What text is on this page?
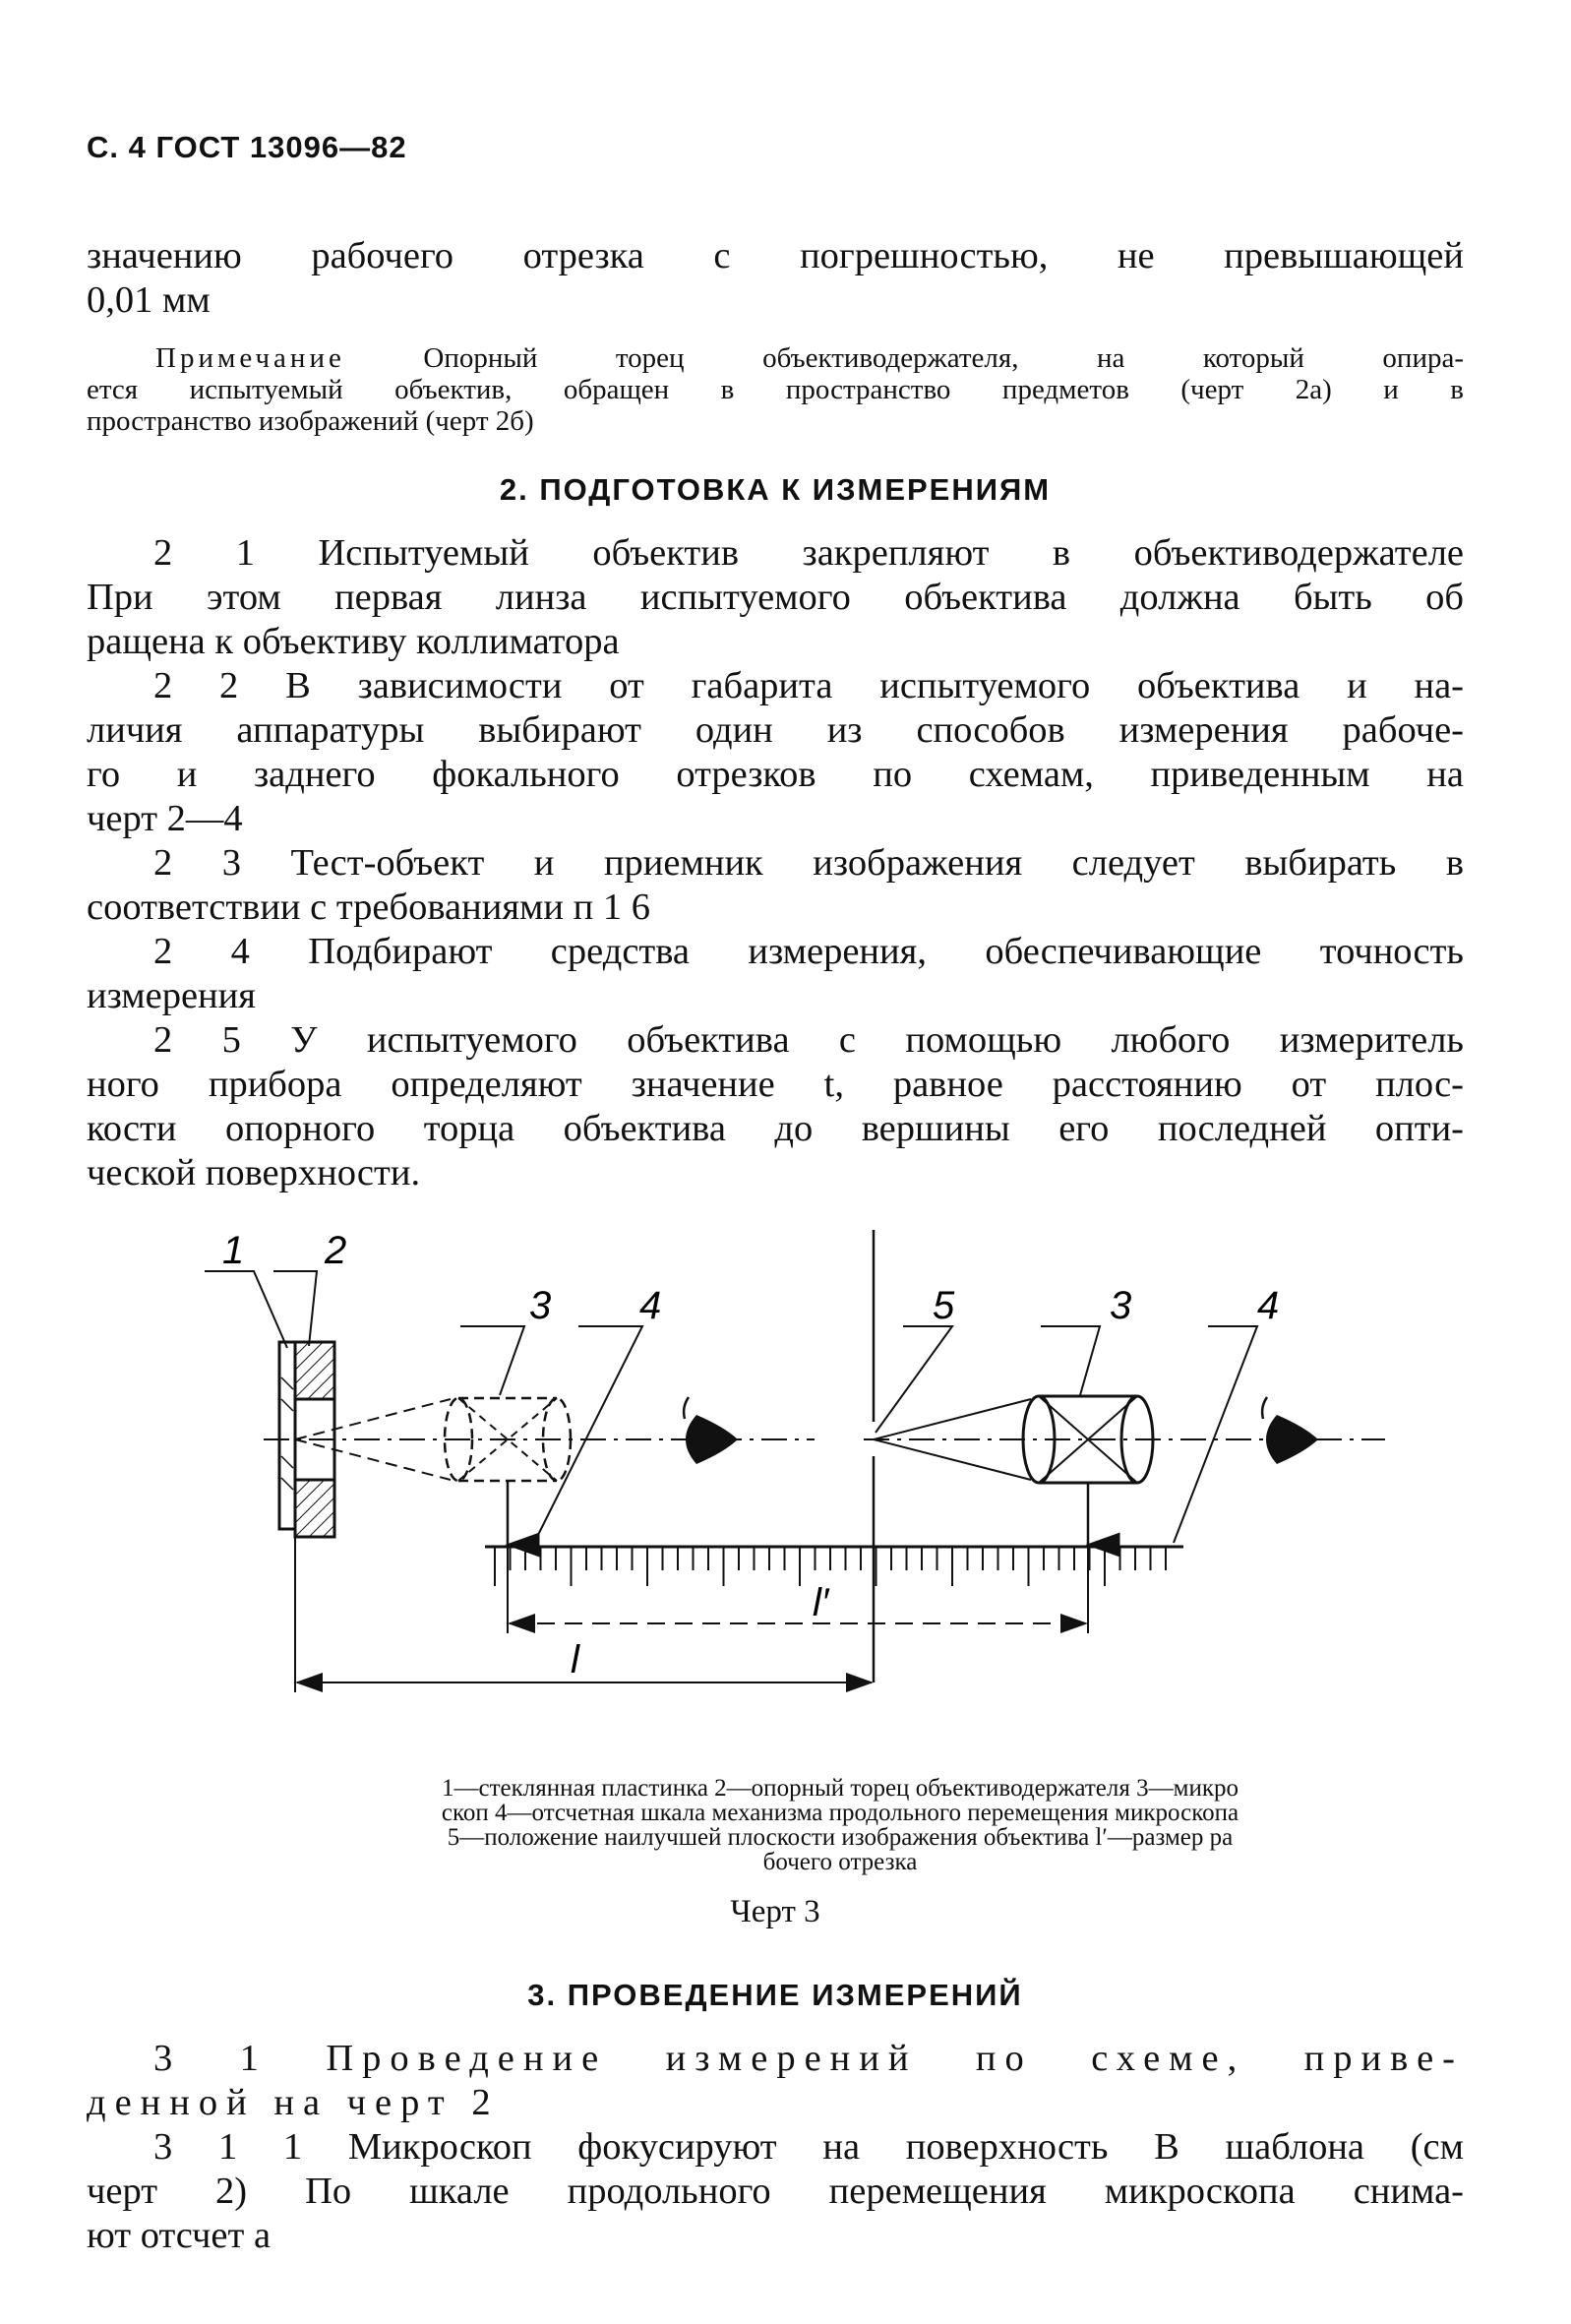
С. 4 ГОСТ 13096—82
значению рабочего отрезка с погрешностью, не превышающей
0,01 мм
Примечание	Опорный торец объективодержателя, на который опира-
ется испытуемый объектив, обращен в пространство предметов (черт 2а) и в
пространство изображений (черт 2б)
2. ПОДГОТОВКА К ИЗМЕРЕНИЯМ
2 1 Испытуемый объектив закрепляют в объективодержателе
При этом первая линза испытуемого объектива должна быть об
ращена к объективу коллиматора
2 2 В зависимости от габарита испытуемого объектива и на-
личия аппаратуры выбирают один из способов измерения рабоче-
го и заднего фокального отрезков по схемам, приведенным на
черт 2—4
2 3 Тест-объект и приемник изображения следует выбирать в
соответствии с требованиями п 1 6
2 4 Подбирают средства измерения, обеспечивающие точность
измерения
2 5 У испытуемого объектива с помощью любого измеритель
ного прибора определяют значение t, равное расстоянию от плос-
кости опорного торца объектива до вершины его последней опти-
ческой поверхности.
1 2
3 4	5	3	4
l′
l
1—стеклянная пластинка 2—опорный торец объективодержателя 3—микро
скоп 4—отсчетная шкала механизма продольного перемещения микроскопа
5—положение наилучшей плоскости изображения объектива l′—размер ра
бочего отрезка
Черт 3
3. ПРОВЕДЕНИЕ ИЗМЕРЕНИЙ
3 1 Проведение измерений по схеме, приве-
денной на черт 2
3 1 1 Микроскоп фокусируют на поверхность В шаблона (см
черт 2) По шкале продольного перемещения микроскопа снима-
ют отсчет а
